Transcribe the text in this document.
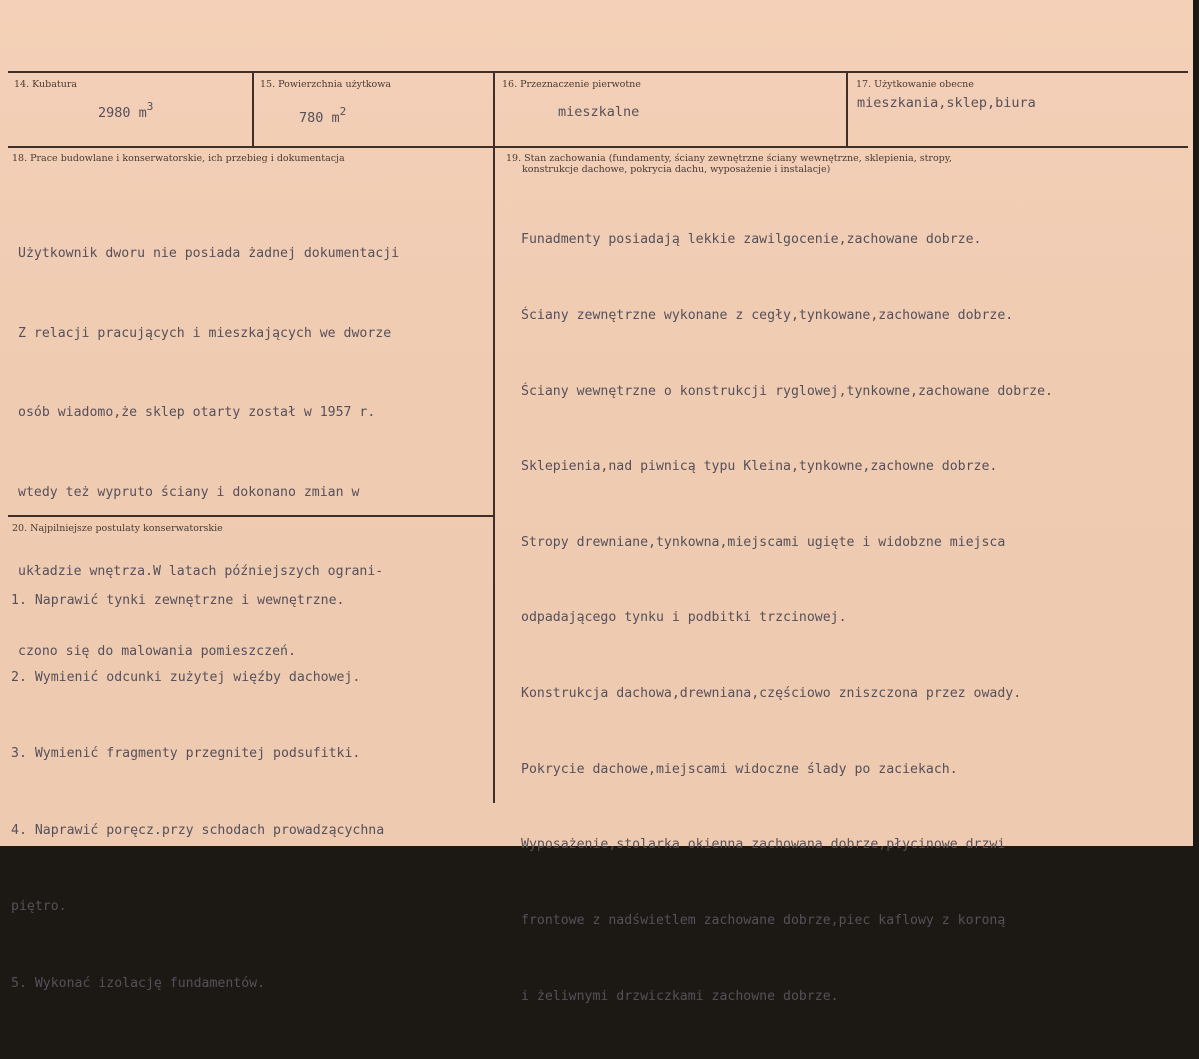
14. Kubatura
2980 $m^3$
15. Powierzchnia użytkowa
780 $m^2$
16. Przeznaczenie pierwotne
mieszkalne
17. Użytkowanie obecne
mieszkania,sklep,biura
18. Prace budowlane i konserwatorskie, ich przebieg i dokumentacja

Użytkownik dworu nie posiada żadnej dokumentacji

Z relacji pracujących i mieszkających we dworze

osób wiadomo,że sklep otarty został w 1957 r.

wtedy też wypruto ściany i dokonano zmian w

układzie wnętrza.W latach późniejszych ograni-

czono się do malowania pomieszczeń.

19. Stan zachowania (fundamenty, ściany zewnętrzne ściany wewnętrzne, sklepienia, stropy,
konstrukcje dachowe, pokrycia dachu, wyposażenie i instalacje)

Funadmenty posiadają lekkie zawilgocenie,zachowane dobrze.

Ściany zewnętrzne wykonane z cegły,tynkowane,zachowane dobrze.

Ściany wewnętrzne o konstrukcji ryglowej,tynkowne,zachowane dobrze.

Sklepienia,nad piwnicą typu Kleina,tynkowne,zachowne dobrze.

Stropy drewniane,tynkowna,miejscami ugięte i widobzne miejsca

odpadającego tynku i podbitki trzcinowej.

Konstrukcja dachowa,drewniana,częściowo zniszczona przez owady.

Pokrycie dachowe,miejscami widoczne ślady po zaciekach.

Wyposażenie,stolarka okienna zachowana dobrze,płycinowe drzwi

frontowe z nadświetlem zachowane dobrze,piec kaflowy z koroną

i żeliwnymi drzwiczkami zachowne dobrze.

20. Najpilniejsze postulaty konserwatorskie

1. Naprawić tynki zewnętrzne i wewnętrzne.

2. Wymienić odcunki zużytej więźby dachowej.

3. Wymienić fragmenty przegnitej podsufitki.

4. Naprawić poręcz.przy schodach prowadzącychna

piętro.

5. Wykonać izolację fundamentów.
